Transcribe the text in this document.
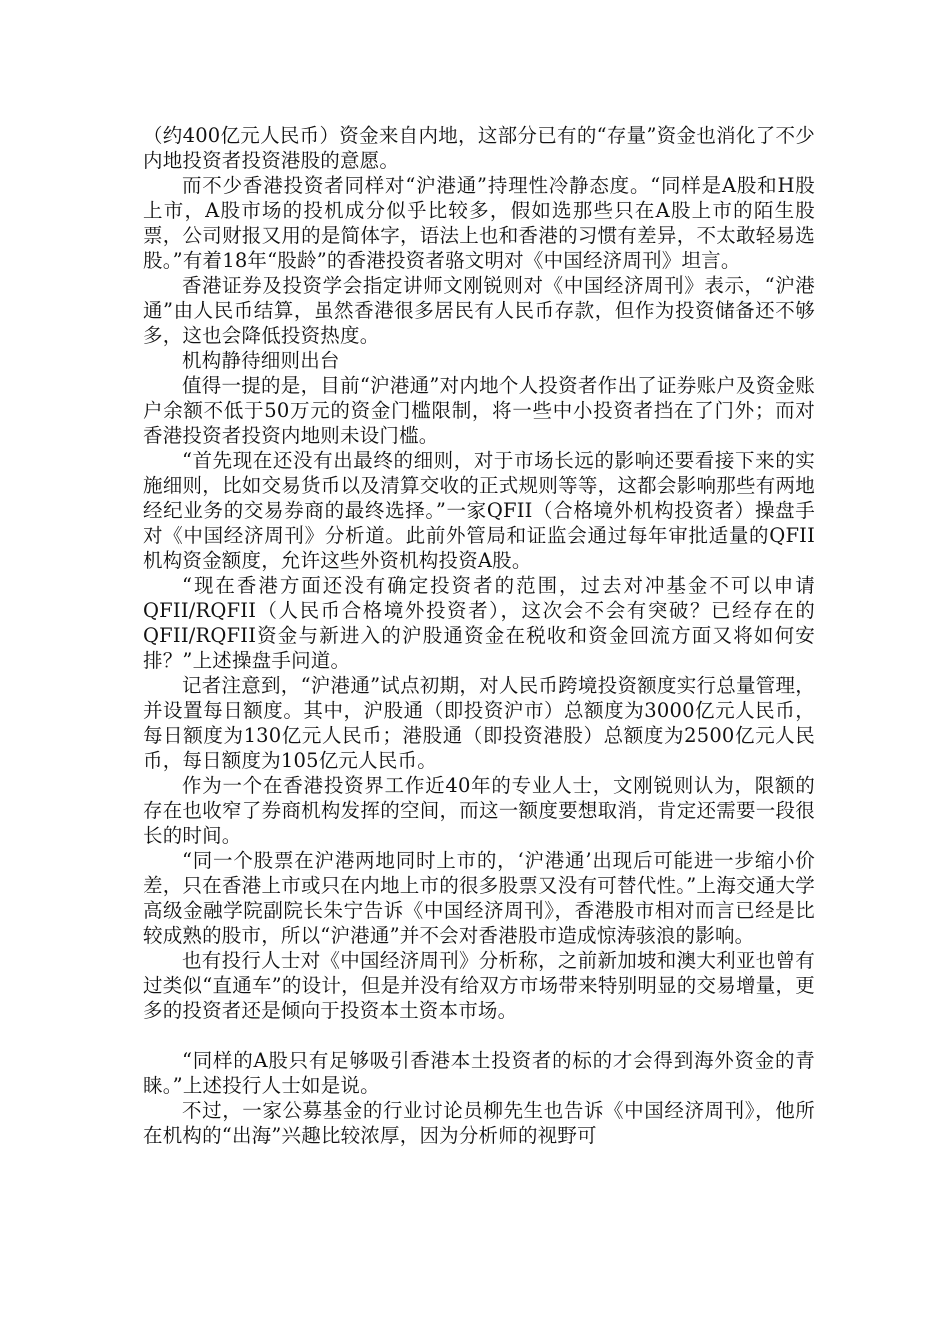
（约400亿元人民币）资金来自内地，这部分已有的“存量”资金也消化了不少内地投资者投资港股的意愿。

而不少香港投资者同样对“沪港通”持理性冷静态度。“同样是A股和H股上市，A股市场的投机成分似乎比较多，假如选那些只在A股上市的陌生股票，公司财报又用的是简体字，语法上也和香港的习惯有差异，不太敢轻易选股。”有着18年“股龄”的香港投资者骆文明对《中国经济周刊》坦言。

香港证券及投资学会指定讲师文刚锐则对《中国经济周刊》表示，“沪港通”由人民币结算，虽然香港很多居民有人民币存款，但作为投资储备还不够多，这也会降低投资热度。

机构静待细则出台

值得一提的是，目前“沪港通”对内地个人投资者作出了证券账户及资金账户余额不低于50万元的资金门槛限制，将一些中小投资者挡在了门外；而对香港投资者投资内地则未设门槛。

“首先现在还没有出最终的细则，对于市场长远的影响还要看接下来的实施细则，比如交易货币以及清算交收的正式规则等等，这都会影响那些有两地经纪业务的交易券商的最终选择。”一家QFII（合格境外机构投资者）操盘手对《中国经济周刊》分析道。此前外管局和证监会通过每年审批适量的QFII机构资金额度，允许这些外资机构投资A股。

“现在香港方面还没有确定投资者的范围，过去对冲基金不可以申请QFII/RQFII（人民币合格境外投资者），这次会不会有突破？已经存在的QFII/RQFII资金与新进入的沪股通资金在税收和资金回流方面又将如何安排？”上述操盘手问道。

记者注意到，“沪港通”试点初期，对人民币跨境投资额度实行总量管理，并设置每日额度。其中，沪股通（即投资沪市）总额度为3000亿元人民币，每日额度为130亿元人民币；港股通（即投资港股）总额度为2500亿元人民币，每日额度为105亿元人民币。

作为一个在香港投资界工作近40年的专业人士，文刚锐则认为，限额的存在也收窄了券商机构发挥的空间，而这一额度要想取消，肯定还需要一段很长的时间。

“同一个股票在沪港两地同时上市的，‘沪港通’出现后可能进一步缩小价差，只在香港上市或只在内地上市的很多股票又没有可替代性。”上海交通大学高级金融学院副院长朱宁告诉《中国经济周刊》，香港股市相对而言已经是比较成熟的股市，所以“沪港通”并不会对香港股市造成惊涛骇浪的影响。

也有投行人士对《中国经济周刊》分析称，之前新加坡和澳大利亚也曾有过类似“直通车”的设计，但是并没有给双方市场带来特别明显的交易增量，更多的投资者还是倾向于投资本土资本市场。

“同样的A股只有足够吸引香港本土投资者的标的才会得到海外资金的青睐。”上述投行人士如是说。

不过，一家公募基金的行业讨论员柳先生也告诉《中国经济周刊》，他所在机构的“出海”兴趣比较浓厚，因为分析师的视野可
